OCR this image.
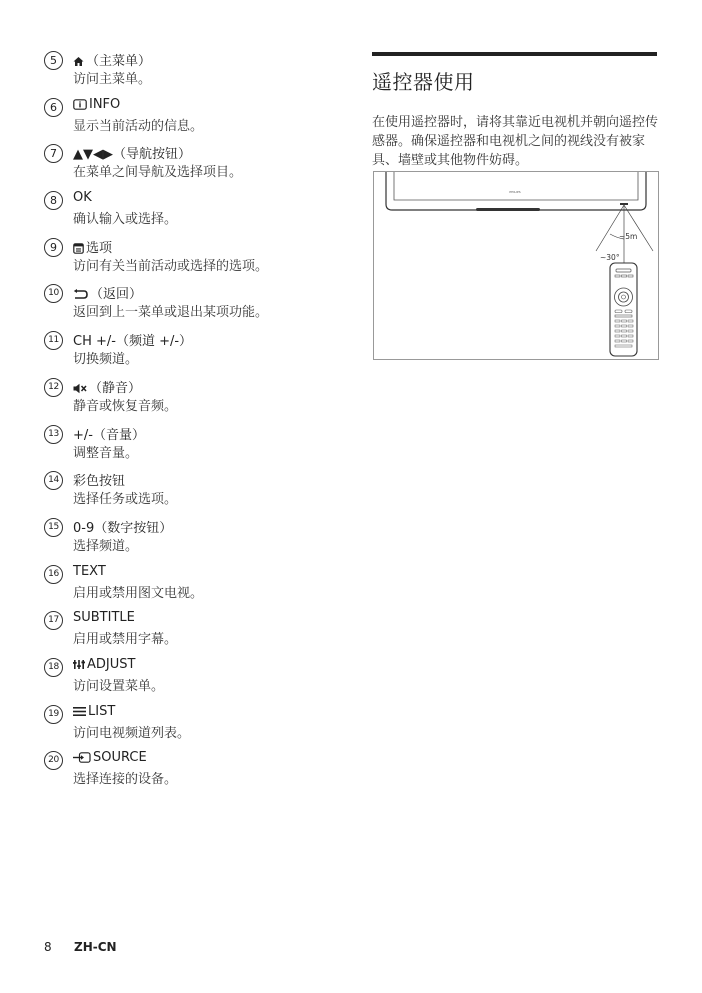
5	（主菜单）
访问主菜单。
6	INFO
显示当前活动的信息。
7	▲▼◀▶（导航按钮）
在菜单之间导航及选择项目。
8	OK
确认输入或选择。
9	选项
访问有关当前活动或选择的选项。
10	（返回）
返回到上一菜单或退出某项功能。
11	CH +/-（频道 +/-）
切换频道。
12	（静音）
静音或恢复音频。
13	+/-（音量）
调整音量。
14	彩色按钮
选择任务或选项。
15	0-9（数字按钮）
选择频道。
16	TEXT
启用或禁用图文电视。
17	SUBTITLE
启用或禁用字幕。
18	ADJUST
访问设置菜单。
19	LIST
访问电视频道列表。
20	SOURCE
选择连接的设备。
遥控器使用
在使用遥控器时，请将其靠近电视机并朝向遥控传感器。确保遥控器和电视机之间的视线没有被家具、墙壁或其他物件妨碍。
PHILIPS
~5m
~30°
8 ZH-CN
